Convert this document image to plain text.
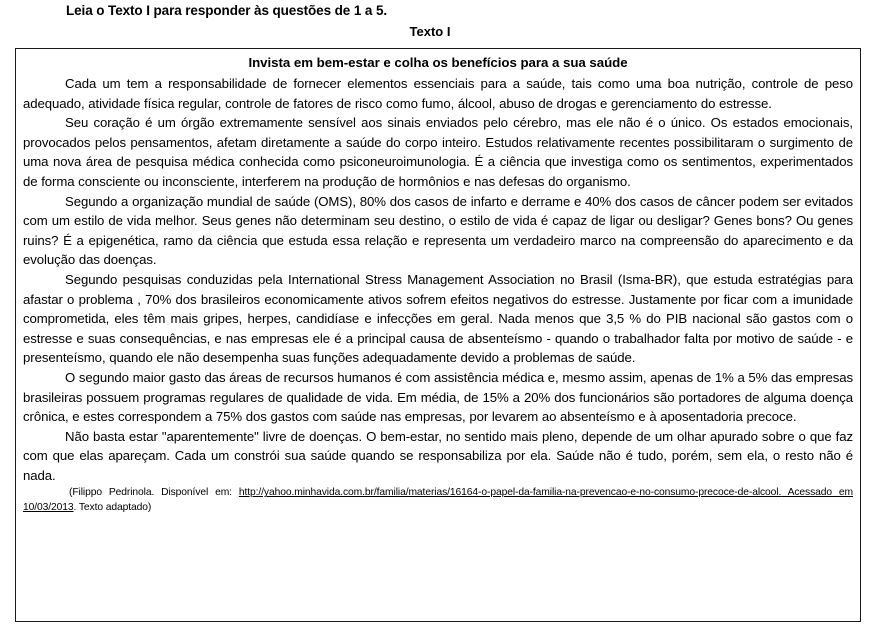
Leia o Texto I para responder às questões de 1 a 5.
Texto I
Invista em bem-estar e colha os benefícios para a sua saúde

Cada um tem a responsabilidade de fornecer elementos essenciais para a saúde, tais como uma boa nutrição, controle de peso adequado, atividade física regular, controle de fatores de risco como fumo, álcool, abuso de drogas e gerenciamento do estresse.

Seu coração é um órgão extremamente sensível aos sinais enviados pelo cérebro, mas ele não é o único. Os estados emocionais, provocados pelos pensamentos, afetam diretamente a saúde do corpo inteiro. Estudos relativamente recentes possibilitaram o surgimento de uma nova área de pesquisa médica conhecida como psiconeuroimunologia. É a ciência que investiga como os sentimentos, experimentados de forma consciente ou inconsciente, interferem na produção de hormônios e nas defesas do organismo.

Segundo a organização mundial de saúde (OMS), 80% dos casos de infarto e derrame e 40% dos casos de câncer podem ser evitados com um estilo de vida melhor. Seus genes não determinam seu destino, o estilo de vida é capaz de ligar ou desligar? Genes bons? Ou genes ruins? É a epigenética, ramo da ciência que estuda essa relação e representa um verdadeiro marco na compreensão do aparecimento e da evolução das doenças.

Segundo pesquisas conduzidas pela International Stress Management Association no Brasil (Isma-BR), que estuda estratégias para afastar o problema , 70% dos brasileiros economicamente ativos sofrem efeitos negativos do estresse. Justamente por ficar com a imunidade comprometida, eles têm mais gripes, herpes, candidíase e infecções em geral. Nada menos que 3,5 % do PIB nacional são gastos com o estresse e suas consequências, e nas empresas ele é a principal causa de absenteísmo - quando o trabalhador falta por motivo de saúde - e presenteísmo, quando ele não desempenha suas funções adequadamente devido a problemas de saúde.

O segundo maior gasto das áreas de recursos humanos é com assistência médica e, mesmo assim, apenas de 1% a 5% das empresas brasileiras possuem programas regulares de qualidade de vida. Em média, de 15% a 20% dos funcionários são portadores de alguma doença crônica, e estes correspondem a 75% dos gastos com saúde nas empresas, por levarem ao absenteísmo e à aposentadoria precoce.

Não basta estar "aparentemente" livre de doenças. O bem-estar, no sentido mais pleno, depende de um olhar apurado sobre o que faz com que elas apareçam. Cada um constrói sua saúde quando se responsabiliza por ela. Saúde não é tudo, porém, sem ela, o resto não é nada.

(Filippo Pedrinola. Disponível em: http://yahoo.minhavida.com.br/familia/materias/16164-o-papel-da-familia-na-prevencao-e-no-consumo-precoce-de-alcool. Acessado em 10/03/2013. Texto adaptado)
